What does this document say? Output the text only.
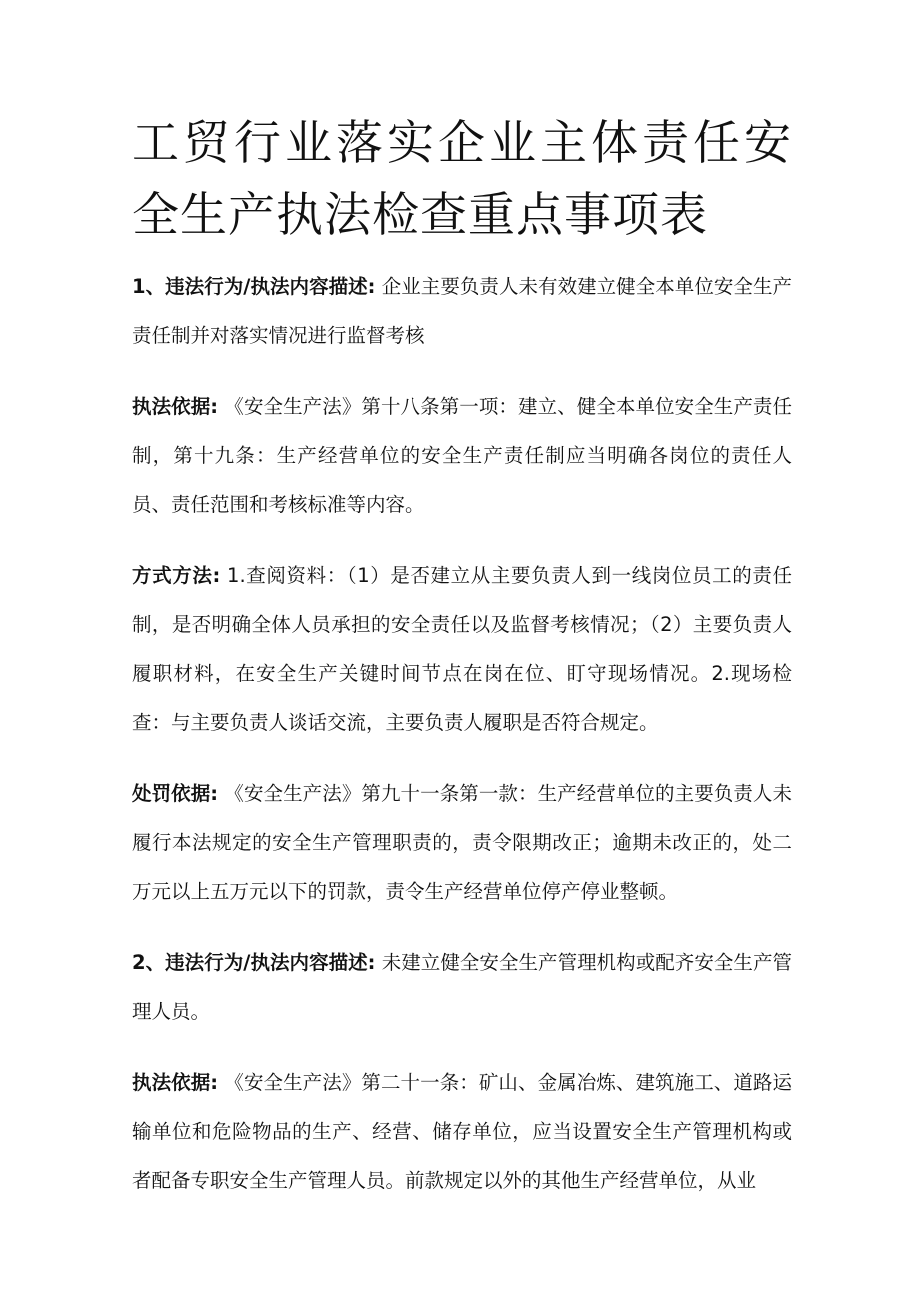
工贸行业落实企业主体责任安全生产执法检查重点事项表

1、违法行为/执法内容描述: 企业主要负责人未有效建立健全本单位安全生产责任制并对落实情况进行监督考核

执法依据: 《安全生产法》第十八条第一项：建立、健全本单位安全生产责任制，第十九条：生产经营单位的安全生产责任制应当明确各岗位的责任人员、责任范围和考核标准等内容。

方式方法: 1.查阅资料：（1）是否建立从主要负责人到一线岗位员工的责任制，是否明确全体人员承担的安全责任以及监督考核情况；（2）主要负责人履职材料，在安全生产关键时间节点在岗在位、盯守现场情况。2.现场检查：与主要负责人谈话交流，主要负责人履职是否符合规定。

处罚依据: 《安全生产法》第九十一条第一款：生产经营单位的主要负责人未履行本法规定的安全生产管理职责的，责令限期改正；逾期未改正的，处二万元以上五万元以下的罚款，责令生产经营单位停产停业整顿。

2、违法行为/执法内容描述: 未建立健全安全生产管理机构或配齐安全生产管理人员。

执法依据: 《安全生产法》第二十一条：矿山、金属冶炼、建筑施工、道路运输单位和危险物品的生产、经营、储存单位，应当设置安全生产管理机构或者配备专职安全生产管理人员。前款规定以外的其他生产经营单位，从业
